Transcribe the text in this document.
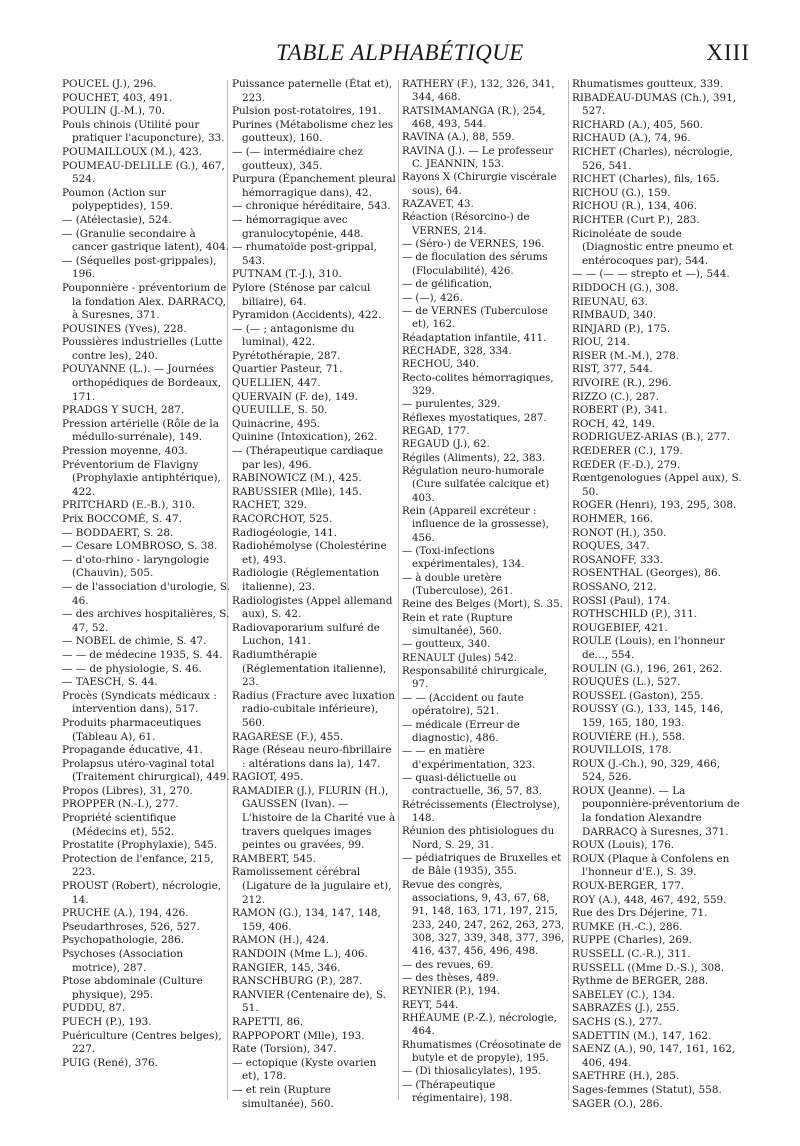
TABLE ALPHABÉTIQUE	XIII

POUCEL (J.), 296.

POUCHET, 403, 491.

POULIN (J.-M.), 70.

Pouls chinois (Utilité pour pratiquer l'acuponcture), 33.

POUMAILLOUX (M.), 423.

POUMEAU-DELILLE (G.), 467, 524.

Poumon (Action sur polypeptides), 159.

— (Atélectasie), 524.

— (Granulie secondaire à cancer gastrique latent), 404.

— (Séquelles post-grippales), 196.

Pouponnière - préventorium de la fondation Alex. DARRACQ, à Suresnes, 371.

POUSINES (Yves), 228.

Poussières industrielles (Lutte contre les), 240.

POUYANNE (L.). — Journées orthopédiques de Bordeaux, 171.

PRADGS Y SUCH, 287.

Pression artérielle (Rôle de la médullo-surrénale), 149.

Pression moyenne, 403.

Préventorium de Flavigny (Prophylaxie antiphtérique), 422.

PRITCHARD (E.-B.), 310.

Prix BOCCOMÉ, S. 47.

— BODDAERT, S. 28.

— Cesare LOMBROSO, S. 38.

— d'oto-rhino - laryngologie (Chauvin), 505.

— de l'association d'urologie, S. 46.

— des archives hospitalières, S. 47, 52.

— NOBEL de chimie, S. 47.

— — de médecine 1935, S. 44.

— — de physiologie, S. 46.

— TAESCH, S. 44.

Procès (Syndicats médicaux : intervention dans), 517.

Produits pharmaceutiques (Tableau A), 61.

Propagande éducative, 41.

Prolapsus utéro-vaginal total (Traitement chirurgical), 449.

Propos (Libres), 31, 270.

PROPPER (N.-I.), 277.

Propriété scientifique (Médecins et), 552.

Prostatite (Prophylaxie), 545.

Protection de l'enfance, 215, 223.

PROUST (Robert), nécrologie, 14.

PRUCHE (A.), 194, 426.

Pseudarthroses, 526, 527.

Psychopathologie, 286.

Psychoses (Association motrice), 287.

Ptose abdominale (Culture physique), 295.

PUDDU, 87.

PUECH (P.), 193.

Puériculture (Centres belges), 227.

PUIG (René), 376.

Puissance paternelle (État et), 223.

Pulsion post-rotatoires, 191.

Purines (Métabolisme chez les goutteux), 160.

— (— intermédiaire chez goutteux), 345.

Purpura (Épanchement pleural hémorragique dans), 42.

— chronique héréditaire, 543.

— hémorragique avec granulocytopénie, 448.

— rhumatoïde post-grippal, 543.

PUTNAM (T.-J.), 310.

Pylore (Sténose par calcul biliaire), 64.

Pyramidon (Accidents), 422.

— (— ; antagonisme du luminal), 422.

Pyrétothérapie, 287.

Quartier Pasteur, 71.

QUELLIEN, 447.

QUERVAIN (F. de), 149.

QUEUILLE, S. 50.

Quinacrine, 495.

Quinine (Intoxication), 262.

— (Thérapeutique cardiaque par les), 496.

RABINOWICZ (M.), 425.

RABUSSIER (Mlle), 145.

RACHET, 329.

RACORCHOT, 525.

Radiogéologie, 141.

Radiohémolyse (Cholestérine et), 493.

Radiologie (Réglementation italienne), 23.

Radiologistes (Appel allemand aux), S. 42.

Radiovaporarium sulfuré de Luchon, 141.

Radiumthérapie (Réglementation italienne), 23.

Radius (Fracture avec luxation radio-cubitale inférieure), 560.

RAGARESE (F.), 455.

Rage (Réseau neuro-fibrillaire : altérations dans la), 147.

RAGIOT, 495.

RAMADIER (J.), FLURIN (H.), GAUSSEN (Ivan). — L'histoire de la Charité vue à travers quelques images peintes ou gravées, 99.

RAMBERT, 545.

Ramolissement cérébral (Ligature de la jugulaire et), 212.

RAMON (G.), 134, 147, 148, 159, 406.

RAMON (H.), 424.

RANDOIN (Mme L.), 406.

RANGIER, 145, 346.

RANSCHBURG (P.), 287.

RANVIER (Centenaire de), S. 51.

RAPETTI, 86.

RAPPOPORT (Mlle), 193.

Rate (Torsion), 347.

— ectopique (Kyste ovarien et), 178.

— et rein (Rupture simultanée), 560.

RATHERY (F.), 132, 326, 341, 344, 468.

RATSIMAMANGA (R.), 254, 468, 493, 544.

RAVINA (A.), 88, 559.

RAVINA (J.). — Le professeur C. JEANNIN, 153.

Rayons X (Chirurgie viscérale sous), 64.

RAZAVET, 43.

Réaction (Résorcino-) de VERNES, 214.

— (Séro-) de VERNES, 196.

— de floculation des sérums (Floculabilité), 426.

— de gélification,

— (—), 426.

— de VERNES (Tuberculose et), 162.

Réadaptation infantile, 411.

RÉCHADE, 328, 334.

RECHOU, 340.

Recto-colites hémorragiques, 329.

— purulentes, 329.

Réflexes myostatiques, 287.

REGAD, 177.

REGAUD (J.), 62.

Régiles (Aliments), 22, 383.

Régulation neuro-humorale (Cure sulfatée calcique et) 403.

Rein (Appareil excréteur : influence de la grossesse), 456.

— (Toxi-infections expérimentales), 134.

— à double uretère (Tuberculose), 261.

Reine des Belges (Mort), S. 35.

Rein et rate (Rupture simultanée), 560.

— goutteux, 340.

RENAULT (Jules) 542.

Responsabilité chirurgicale, 97.

— — (Accident ou faute opératoire), 521.

— médicale (Erreur de diagnostic), 486.

— — en matière d'expérimentation, 323.

— quasi-délictuelle ou contractuelle, 36, 57, 83.

Rétrécissements (Électrolyse), 148.

Réunion des phtisiologues du Nord, S. 29, 31.

— pédiatriques de Bruxelles et de Bâle (1935), 355.

Revue des congrès, associations, 9, 43, 67, 68, 91, 148, 163, 171, 197, 215, 233, 240, 247, 262, 263, 273, 308, 327, 339, 348, 377, 396, 416, 437, 456, 496, 498.

— des revues, 69.

— des thèses, 489.

REYNIER (P.), 194.

REYT, 544.

RHÉAUME (P.-Z.), nécrologie, 464.

Rhumatismes (Créosotinate de butyle et de propyle), 195.

— (Di thiosalicylates), 195.

— (Thérapeutique régimentaire), 198.

Rhumatismes goutteux, 339.

RIBADEAU-DUMAS (Ch.), 391, 527.

RICHARD (A.), 405, 560.

RICHAUD (A.), 74, 96.

RICHET (Charles), nécrologie, 526, 541.

RICHET (Charles), fils, 165.

RICHOU (G.), 159.

RICHOU (R.), 134, 406.

RICHTER (Curt P.), 283.

Ricinoléate de soude (Diagnostic entre pneumo et entérocoques par), 544.

— — (— — strepto et —), 544.

RIDDOCH (G.), 308.

RIEUNAU, 63.

RIMBAUD, 340.

RINJARD (P.), 175.

RIOU, 214.

RISER (M.-M.), 278.

RIST, 377, 544.

RIVOIRE (R.), 296.

RIZZO (C.), 287.

ROBERT (P.), 341.

ROCH, 42, 149.

RODRIGUEZ-ARIAS (B.), 277.

RŒDERER (C.), 179.

RŒDER (F.-D.), 279.

Rœntgenologues (Appel aux), S. 50.

ROGER (Henri), 193, 295, 308.

ROHMER, 166.

RONOT (H.), 350.

ROQUES, 347.

ROSANOFF, 333.

ROSENTHAL (Georges), 86.

ROSSANO, 212.

ROSSI (Paul), 174.

ROTHSCHILD (P.), 311.

ROUGEBIEF, 421.

ROULE (Louis), en l'honneur de..., 554.

ROULIN (G.), 196, 261, 262.

ROUQUÈS (L.), 527.

ROUSSEL (Gaston), 255.

ROUSSY (G.), 133, 145, 146, 159, 165, 180, 193.

ROUVIÈRE (H.), 558.

ROUVILLOIS, 178.

ROUX (J.-Ch.), 90, 329, 466, 524, 526.

ROUX (Jeanne). — La pouponnière-préventorium de la fondation Alexandre DARRACQ à Suresnes, 371.

ROUX (Louis), 176.

ROUX (Plaque à Confolens en l'honneur d'E.), S. 39.

ROUX-BERGER, 177.

ROY (A.), 448, 467, 492, 559.

Rue des Drs Déjerine, 71.

RUMKE (H.-C.), 286.

RUPPE (Charles), 269.

RUSSELL (C.-R.), 311.

RUSSELL ((Mme D.-S.), 308.

Rythme de BERGER, 288.

SABELEY (C.), 134.

SABRAZÈS (J.), 255.

SACHS (S.), 277.

SADETTIN (M.), 147, 162.

SAENZ (A.), 90, 147, 161, 162, 406, 494.

SAETHRE (H.), 285.

Sages-femmes (Statut), 558.

SAGER (O.), 286.
